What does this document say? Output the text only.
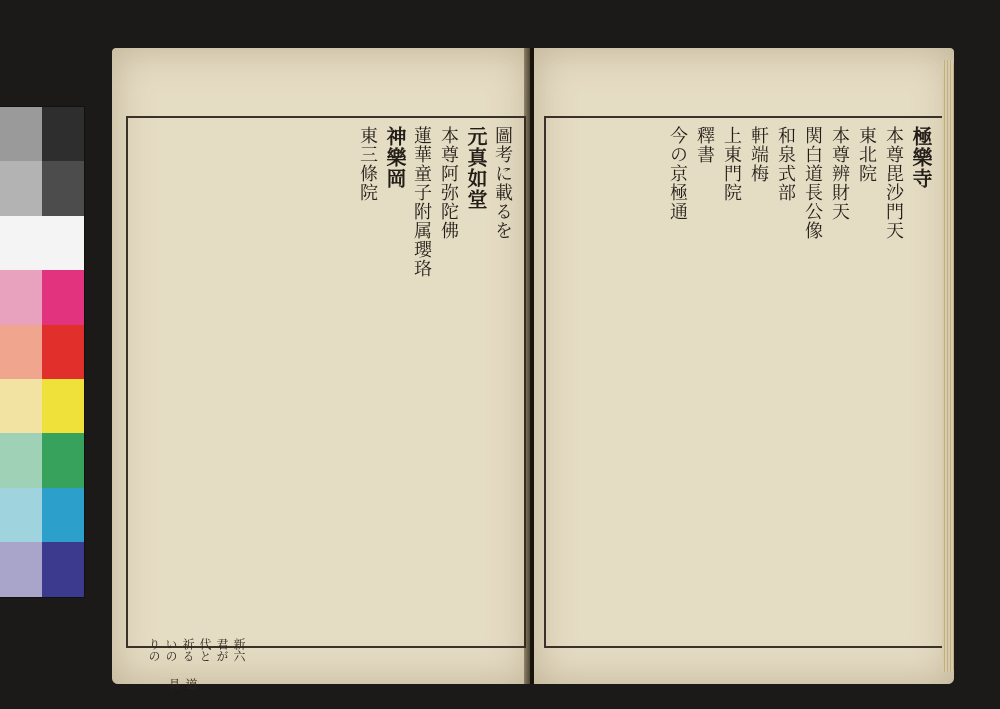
圖考に載るを
元真如堂
本尊阿弥陀佛
蓮華童子附属瓔珞
神樂岡
東三條院
新六　君が代と祈るいのりの
道具
極樂寺
本尊毘沙門天
東北院
本尊辨財天
関白道長公像
和泉式部
軒端梅
上東門院
釋書
今の京極通
